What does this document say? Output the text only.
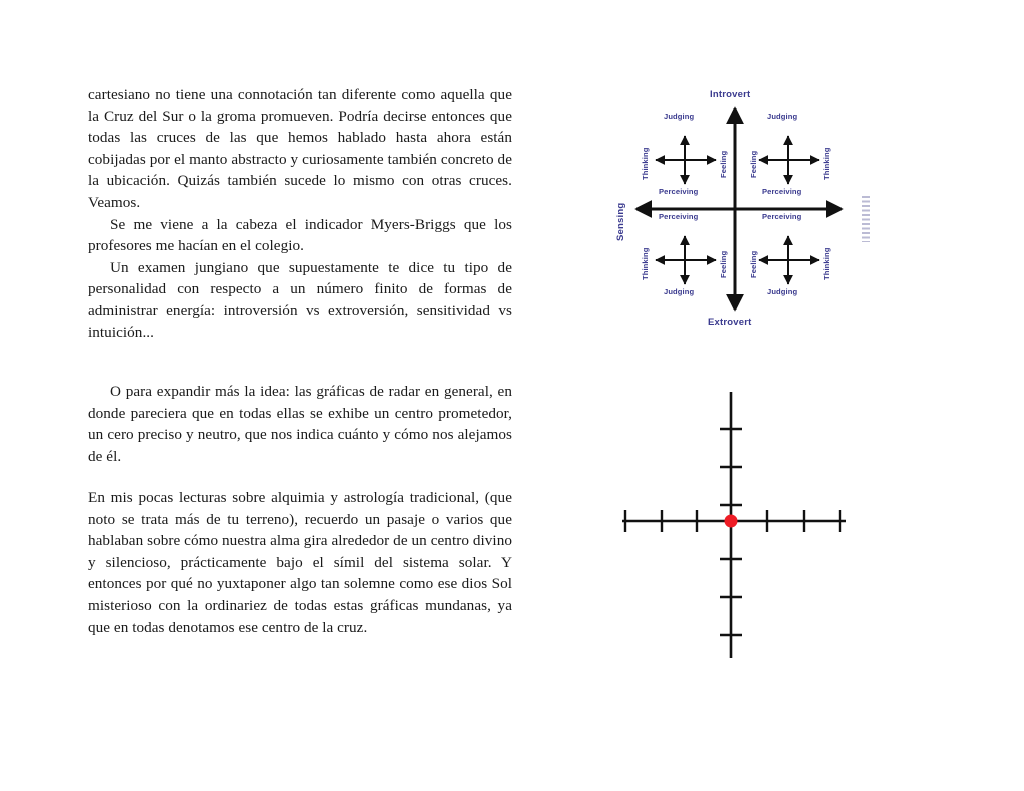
cartesiano no tiene una connotación tan diferente como aquella que la Cruz del Sur o la groma promueven. Podría decirse entonces que todas las cruces de las que hemos hablado hasta ahora están cobijadas por el manto abstracto y curiosamente también concreto de la ubicación. Quizás también sucede lo mismo con otras cruces. Veamos.

Se me viene a la cabeza el indicador Myers-Briggs que los profesores me hacían en el colegio.

Un examen jungiano que supuestamente te dice tu tipo de personalidad con respecto a un número finito de formas de administrar energía: introversión vs extroversión, sensitividad vs intuición...

O para expandir más la idea: las gráficas de radar en general, en donde pareciera que en todas ellas se exhibe un centro prometedor, un cero preciso y neutro, que nos indica cuánto y cómo nos alejamos de él.

En mis pocas lecturas sobre alquimia y astrología tradicional, (que noto se trata más de tu terreno), recuerdo un pasaje o varios que hablaban sobre cómo nuestra alma gira alrededor de un centro divino y silencioso, prácticamente bajo el símil del sistema solar. Y entonces por qué no yuxtaponer algo tan solemne como ese dios Sol misterioso con la ordinariez de todas estas gráficas mundanas, ya que en todas denotamos ese centro de la cruz.

Introvert
Extrovert
Sensing
Judging
Perceiving
Thinking	Feeling
Judging
Perceiving
Feeling	Thinking
Perceiving
Judging
Thinking	Feeling
Perceiving
Judging
Feeling	Thinking
